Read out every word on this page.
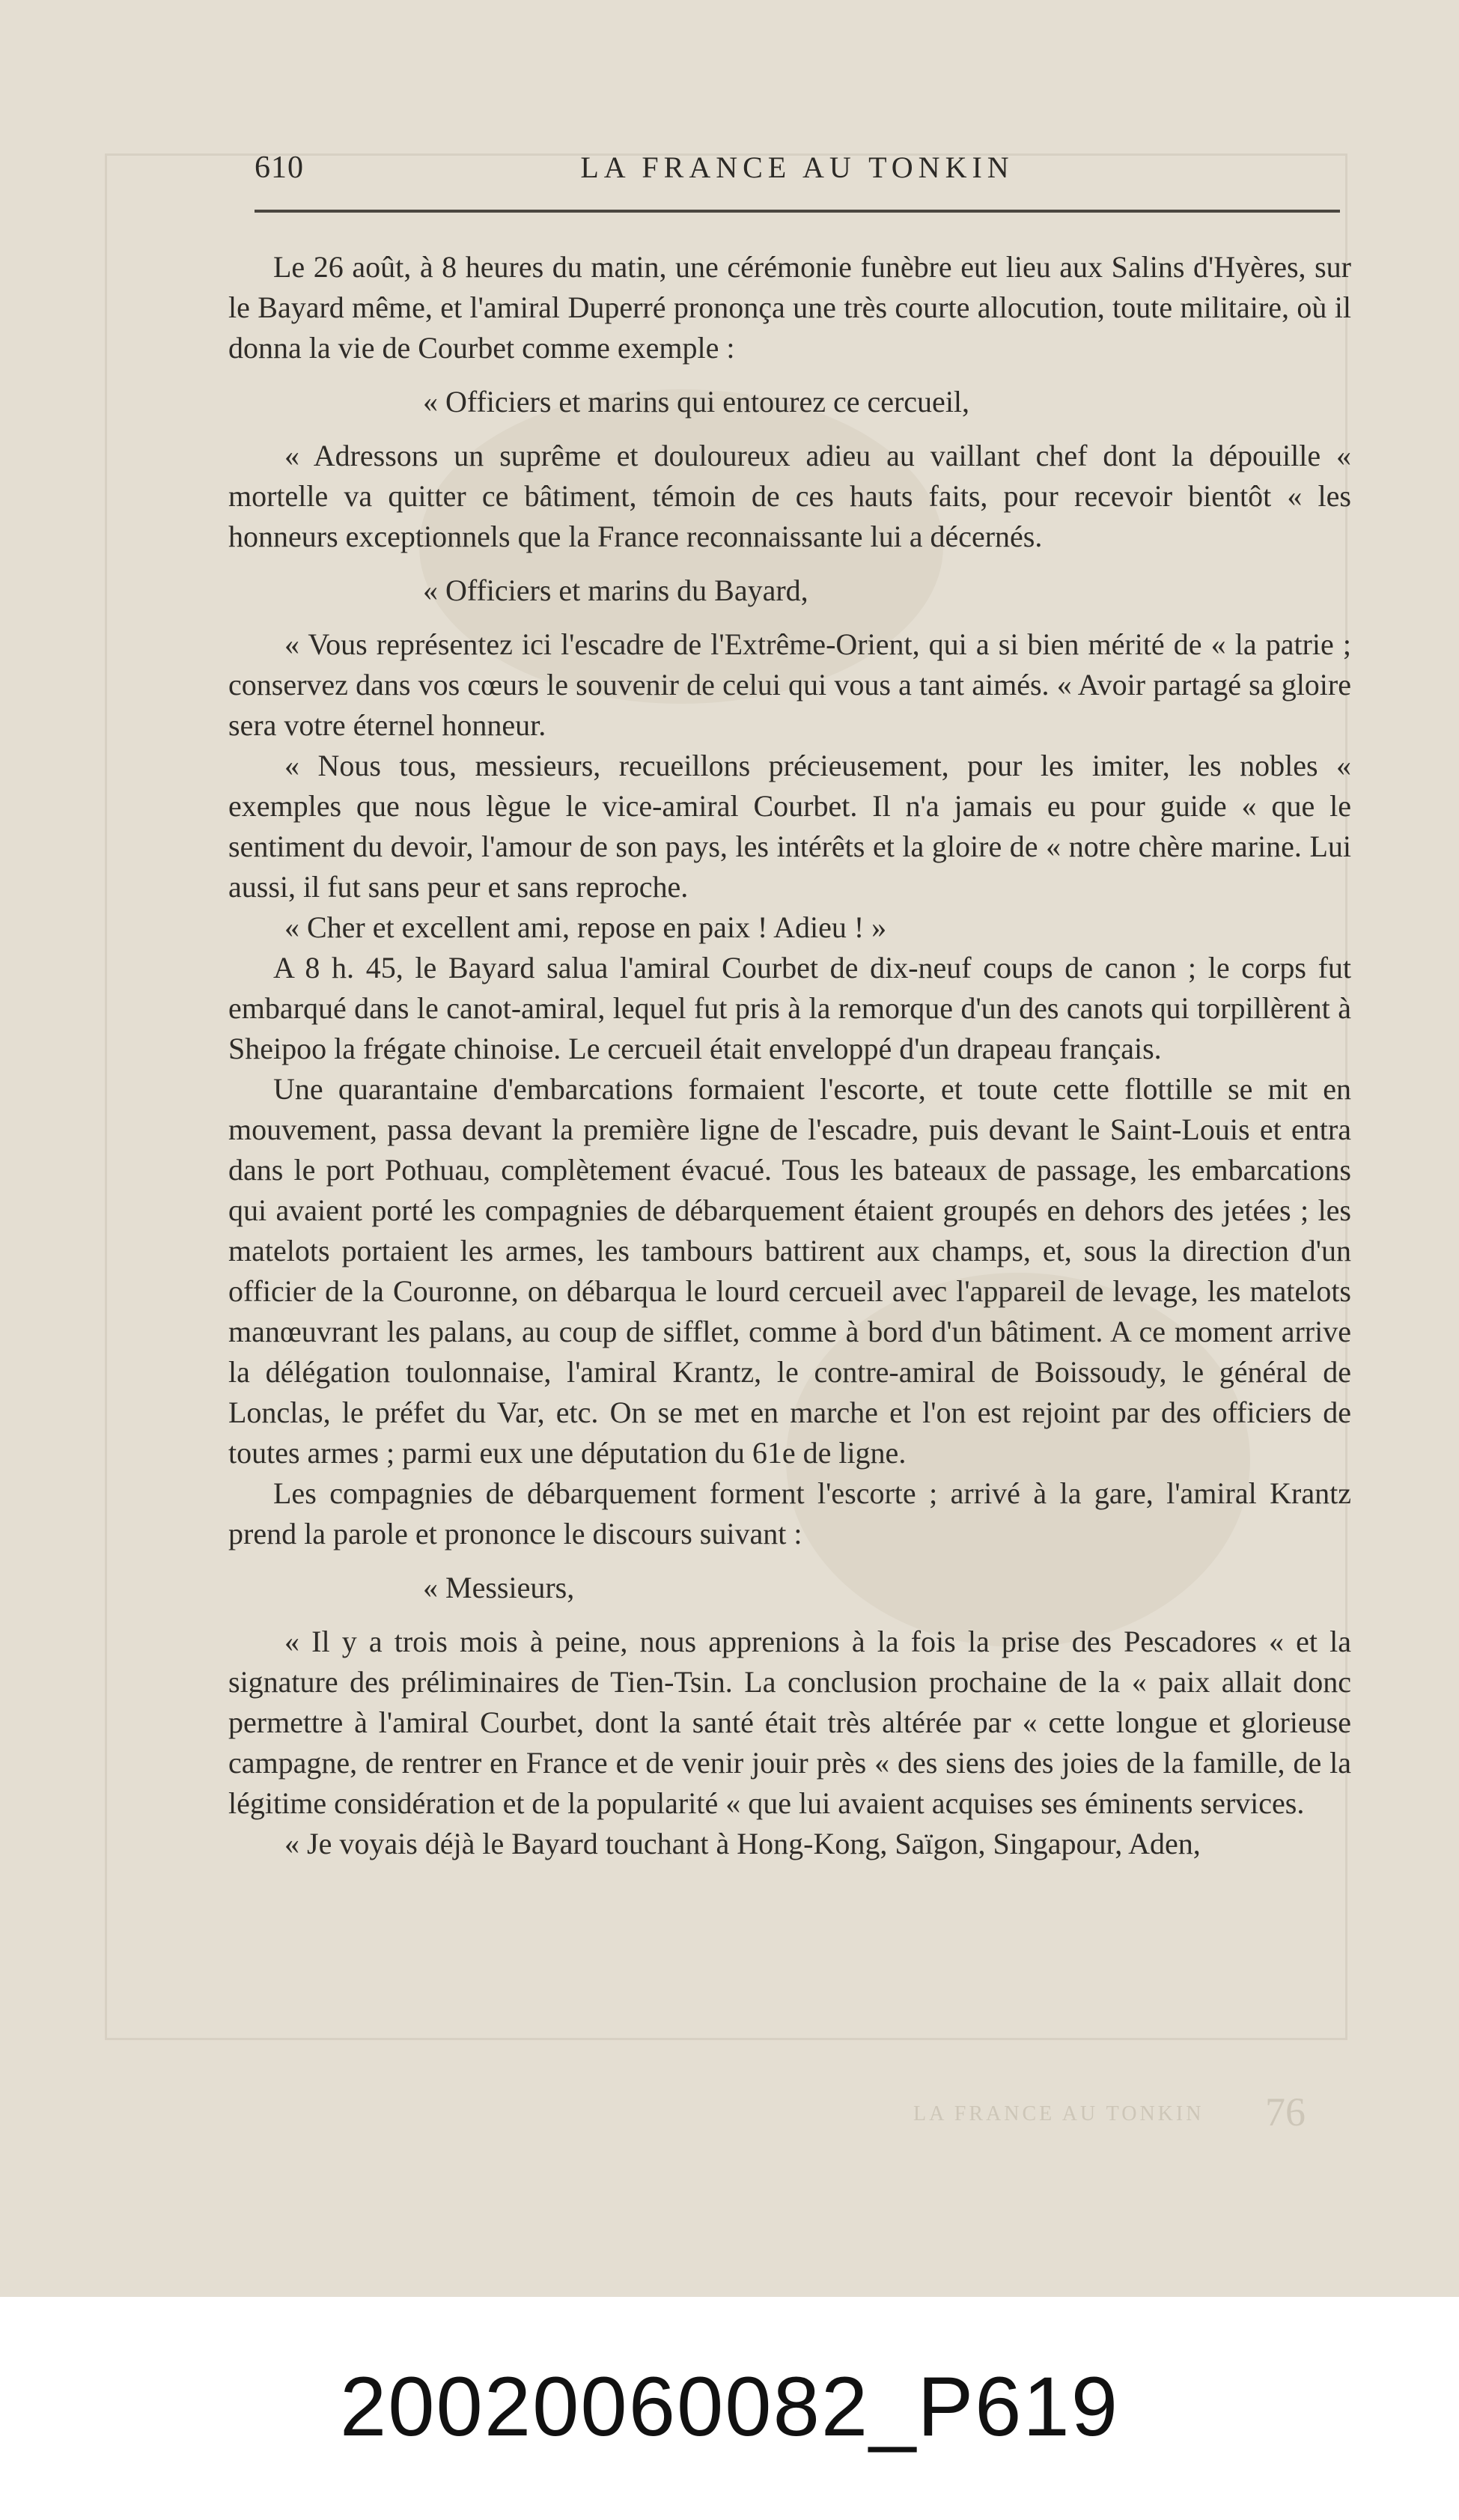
610	LA FRANCE AU TONKIN

Le 26 août, à 8 heures du matin, une cérémonie funèbre eut lieu aux Salins d'Hyères, sur le Bayard même, et l'amiral Duperré prononça une très courte allocution, toute militaire, où il donna la vie de Courbet comme exemple :

« Officiers et marins qui entourez ce cercueil,

« Adressons un suprême et douloureux adieu au vaillant chef dont la dépouille « mortelle va quitter ce bâtiment, témoin de ces hauts faits, pour recevoir bientôt « les honneurs exceptionnels que la France reconnaissante lui a décernés.

« Officiers et marins du Bayard,

« Vous représentez ici l'escadre de l'Extrême-Orient, qui a si bien mérité de « la patrie ; conservez dans vos cœurs le souvenir de celui qui vous a tant aimés. « Avoir partagé sa gloire sera votre éternel honneur.

« Nous tous, messieurs, recueillons précieusement, pour les imiter, les nobles « exemples que nous lègue le vice-amiral Courbet. Il n'a jamais eu pour guide « que le sentiment du devoir, l'amour de son pays, les intérêts et la gloire de « notre chère marine. Lui aussi, il fut sans peur et sans reproche.

« Cher et excellent ami, repose en paix ! Adieu ! »

A 8 h. 45, le Bayard salua l'amiral Courbet de dix-neuf coups de canon ; le corps fut embarqué dans le canot-amiral, lequel fut pris à la remorque d'un des canots qui torpillèrent à Sheipoo la frégate chinoise. Le cercueil était enveloppé d'un drapeau français.

Une quarantaine d'embarcations formaient l'escorte, et toute cette flottille se mit en mouvement, passa devant la première ligne de l'escadre, puis devant le Saint-Louis et entra dans le port Pothuau, complètement évacué. Tous les bateaux de passage, les embarcations qui avaient porté les compagnies de débarquement étaient groupés en dehors des jetées ; les matelots portaient les armes, les tambours battirent aux champs, et, sous la direction d'un officier de la Couronne, on débarqua le lourd cercueil avec l'appareil de levage, les matelots manœuvrant les palans, au coup de sifflet, comme à bord d'un bâtiment. A ce moment arrive la délégation toulonnaise, l'amiral Krantz, le contre-amiral de Boissoudy, le général de Lonclas, le préfet du Var, etc. On se met en marche et l'on est rejoint par des officiers de toutes armes ; parmi eux une députation du 61e de ligne.

Les compagnies de débarquement forment l'escorte ; arrivé à la gare, l'amiral Krantz prend la parole et prononce le discours suivant :

« Messieurs,

« Il y a trois mois à peine, nous apprenions à la fois la prise des Pescadores « et la signature des préliminaires de Tien-Tsin. La conclusion prochaine de la « paix allait donc permettre à l'amiral Courbet, dont la santé était très altérée par « cette longue et glorieuse campagne, de rentrer en France et de venir jouir près « des siens des joies de la famille, de la légitime considération et de la popularité « que lui avaient acquises ses éminents services.

« Je voyais déjà le Bayard touchant à Hong-Kong, Saïgon, Singapour, Aden,

LA FRANCE AU TONKIN 76
20020060082_P619
